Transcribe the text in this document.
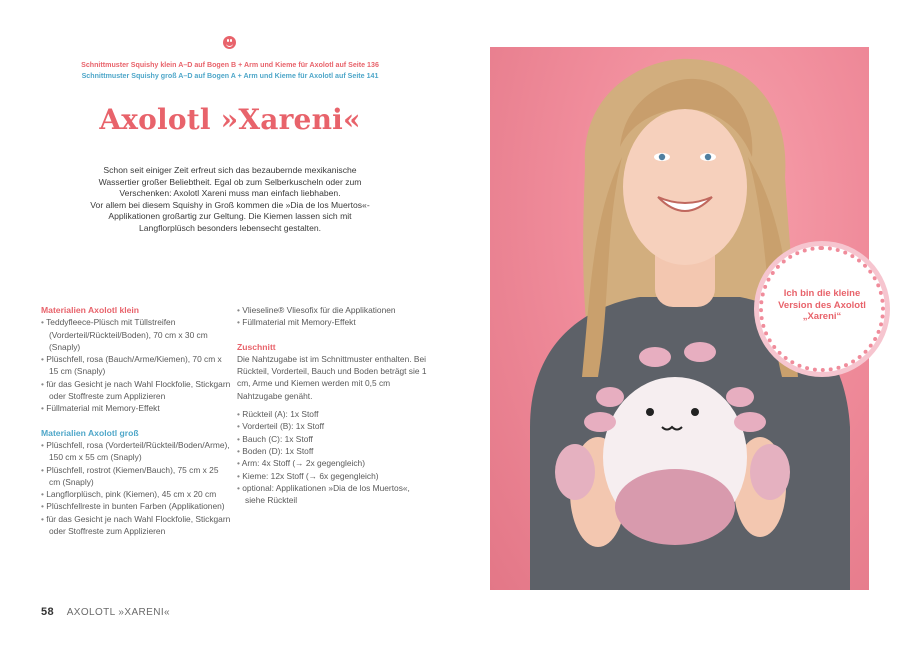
Schnittmuster Squishy klein A–D auf Bogen B + Arm und Kieme für Axolotl auf Seite 136
Schnittmuster Squishy groß A–D auf Bogen A + Arm und Kieme für Axolotl auf Seite 141
Axolotl »Xareni«
Schon seit einiger Zeit erfreut sich das bezaubernde mexikanische
Wassertier großer Beliebtheit. Egal ob zum Selberkuscheln oder zum
Verschenken: Axolotl Xareni muss man einfach liebhaben.
Vor allem bei diesem Squishy in Groß kommen die »Dia de los Muertos«-
Applikationen großartig zur Geltung. Die Kiemen lassen sich mit
Langflorplüsch besonders lebensecht gestalten.
Materialien Axolotl klein
• Teddyfleece-Plüsch mit Tüllstreifen (Vorderteil/Rückteil/Boden), 70 cm x 30 cm (Snaply)
• Plüschfell, rosa (Bauch/Arme/Kiemen), 70 cm x 15 cm (Snaply)
• für das Gesicht je nach Wahl Flockfolie, Stickgarn oder Stoffreste zum Applizieren
• Füllmaterial mit Memory-Effekt
Materialien Axolotl groß
• Plüschfell, rosa (Vorderteil/Rückteil/Boden/Arme), 150 cm x 55 cm (Snaply)
• Plüschfell, rostrot (Kiemen/Bauch), 75 cm x 25 cm (Snaply)
• Langflorplüsch, pink (Kiemen), 45 cm x 20 cm
• Plüschfellreste in bunten Farben (Applikationen)
• für das Gesicht je nach Wahl Flockfolie, Stickgarn oder Stoffreste zum Applizieren
• Vlieseline® Vliesofix für die Applikationen
• Füllmaterial mit Memory-Effekt
Zuschnitt
Die Nahtzugabe ist im Schnittmuster enthalten. Bei Rückteil, Vorderteil, Bauch und Boden beträgt sie 1 cm, Arme und Kiemen werden mit 0,5 cm Nahtzugabe genäht.
• Rückteil (A): 1x Stoff
• Vorderteil (B): 1x Stoff
• Bauch (C): 1x Stoff
• Boden (D): 1x Stoff
• Arm: 4x Stoff (→ 2x gegengleich)
• Kieme: 12x Stoff (→ 6x gegengleich)
• optional: Applikationen »Dia de los Muertos«, siehe Rückteil
58 AXOLOTL »XARENI«
Ich bin die kleine Version des Axolotl „Xareni“
